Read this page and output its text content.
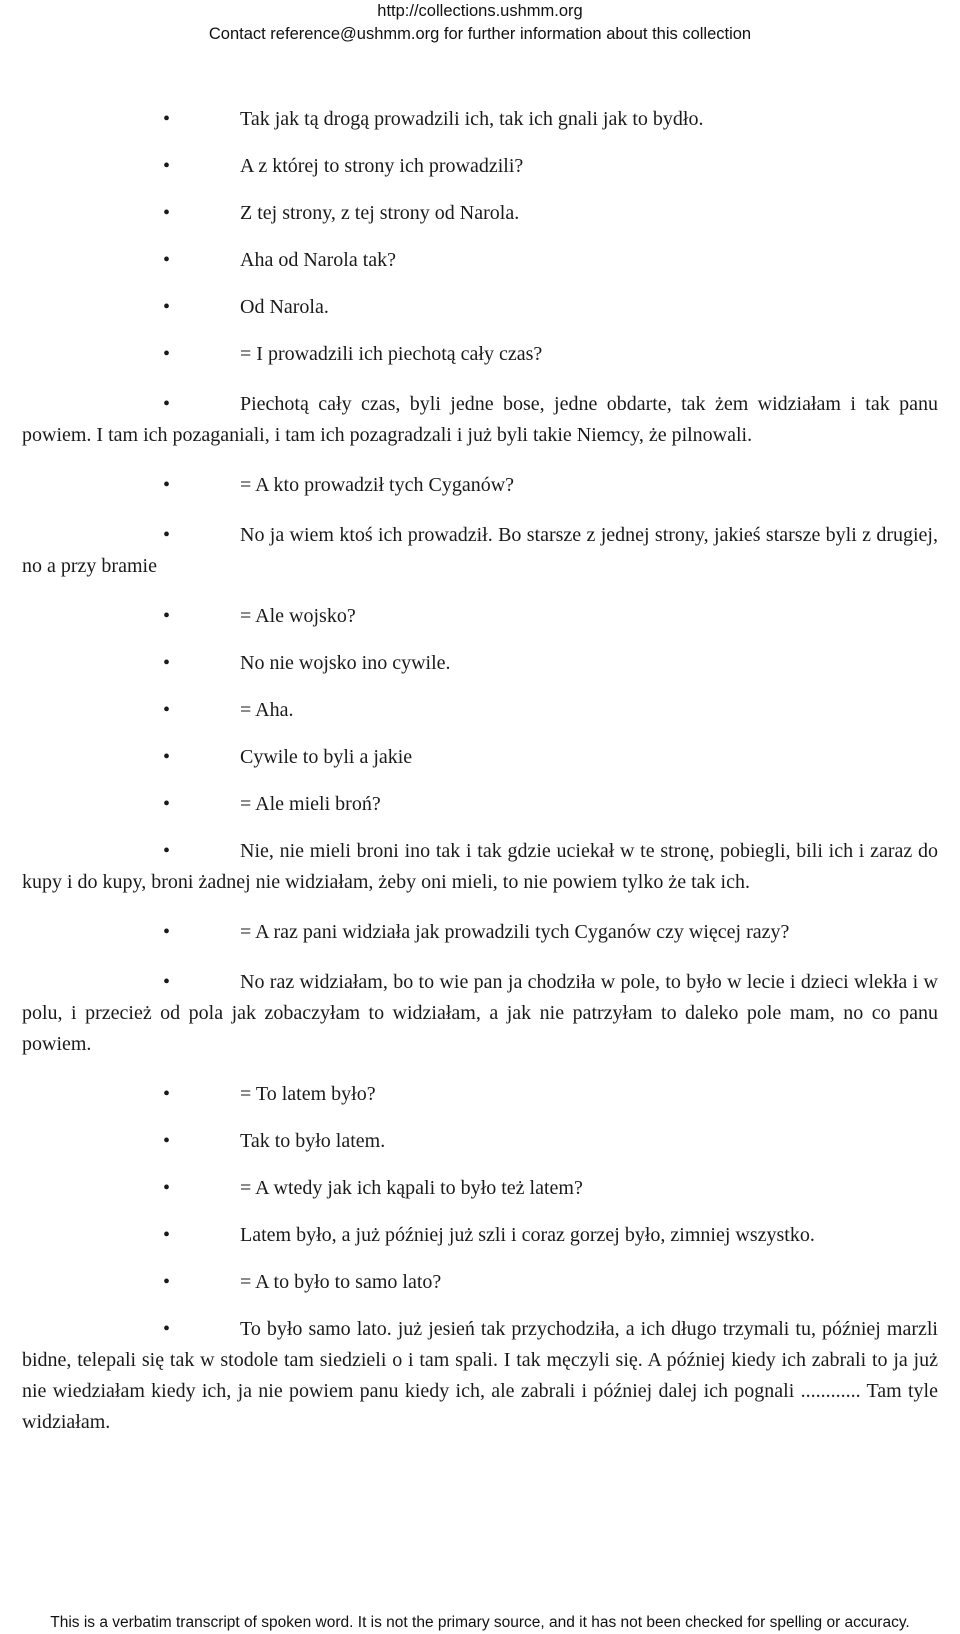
http://collections.ushmm.org
Contact reference@ushmm.org for further information about this collection
•	Tak jak tą drogą prowadzili ich, tak ich gnali jak to bydło.
•	A z której to strony ich prowadzili?
•	Z tej strony, z tej strony od Narola.
•	Aha od Narola tak?
•	Od Narola.
•	= I prowadzili ich piechotą cały czas?
•	Piechotą cały czas, byli jedne bose, jedne obdarte, tak żem widziałam i tak panu powiem. I tam ich pozaganiali, i tam ich pozagradzali i już byli takie Niemcy, że pilnowali.
•	= A kto prowadził tych Cyganów?
•	No ja wiem ktoś ich prowadził. Bo starsze z jednej strony, jakieś starsze byli z drugiej, no a przy bramie
•	= Ale wojsko?
•	No nie wojsko ino cywile.
•	= Aha.
•	Cywile to byli a jakie
•	= Ale mieli broń?
•	Nie, nie mieli broni ino tak i tak gdzie uciekał w te stronę, pobiegli, bili ich i zaraz do kupy i do kupy, broni żadnej nie widziałam, żeby oni mieli, to nie powiem tylko że tak ich.
•	= A raz pani widziała jak prowadzili tych Cyganów czy więcej razy?
•	No raz widziałam, bo to wie pan ja chodziła w pole, to było w lecie i dzieci wlekła i w polu, i przecież od pola jak zobaczyłam to widziałam, a jak nie patrzyłam to daleko pole mam, no co panu powiem.
•	= To latem było?
•	Tak to było latem.
•	= A wtedy jak ich kąpali to było też latem?
•	Latem było, a już później już szli i coraz gorzej było, zimniej wszystko.
•	= A to było to samo lato?
•	To było samo lato. już jesień tak przychodziła, a ich długo trzymali tu, później marzli bidne, telepali się tak w stodole tam siedzieli o i tam spali. I tak męczyli się. A później kiedy ich zabrali to ja już nie wiedziałam kiedy ich, ja nie powiem panu kiedy ich, ale zabrali i później dalej ich pognali ............ Tam tyle widziałam.
This is a verbatim transcript of spoken word. It is not the primary source, and it has not been checked for spelling or accuracy.
